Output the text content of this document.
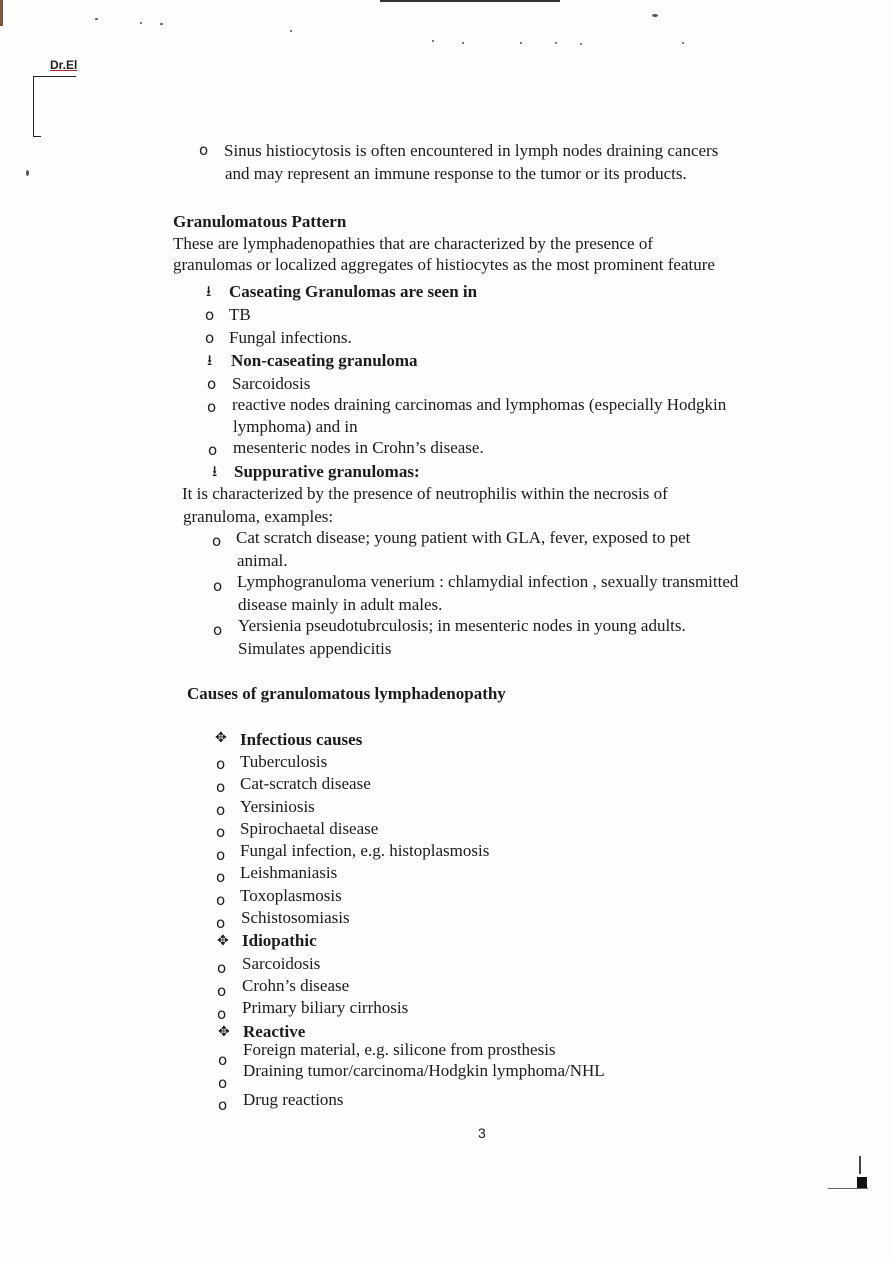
Dr.El
o Sinus histiocytosis is often encountered in lymph nodes draining cancers
and may represent an immune response to the tumor or its products.
Granulomatous Pattern
These are lymphadenopathies that are characterized by the presence of
granulomas or localized aggregates of histiocytes as the most prominent feature
⭳ Caseating Granulomas are seen in
o TB
o Fungal infections.
⭳ Non-caseating granuloma
o Sarcoidosis
o reactive nodes draining carcinomas and lymphomas (especially Hodgkin
lymphoma) and in
o mesenteric nodes in Crohn’s disease.
⭳ Suppurative granulomas:
It is characterized by the presence of neutrophilis within the necrosis of
granuloma, examples:
o Cat scratch disease; young patient with GLA, fever, exposed to pet
animal.
o Lymphogranuloma venerium : chlamydial infection , sexually transmitted
disease mainly in adult males.
o Yersienia pseudotubrculosis; in mesenteric nodes in young adults.
Simulates appendicitis
Causes of granulomatous lymphadenopathy
✥ Infectious causes
o Tuberculosis
o Cat-scratch disease
o Yersiniosis
o Spirochaetal disease
o Fungal infection, e.g. histoplasmosis
o Leishmaniasis
o Toxoplasmosis
o Schistosomiasis
✥ Idiopathic
o Sarcoidosis
o Crohn’s disease
o Primary biliary cirrhosis
✥ Reactive
o
Foreign material, e.g. silicone from prosthesis
o
Draining tumor/carcinoma/Hodgkin lymphoma/NHL
o Drug reactions
3
